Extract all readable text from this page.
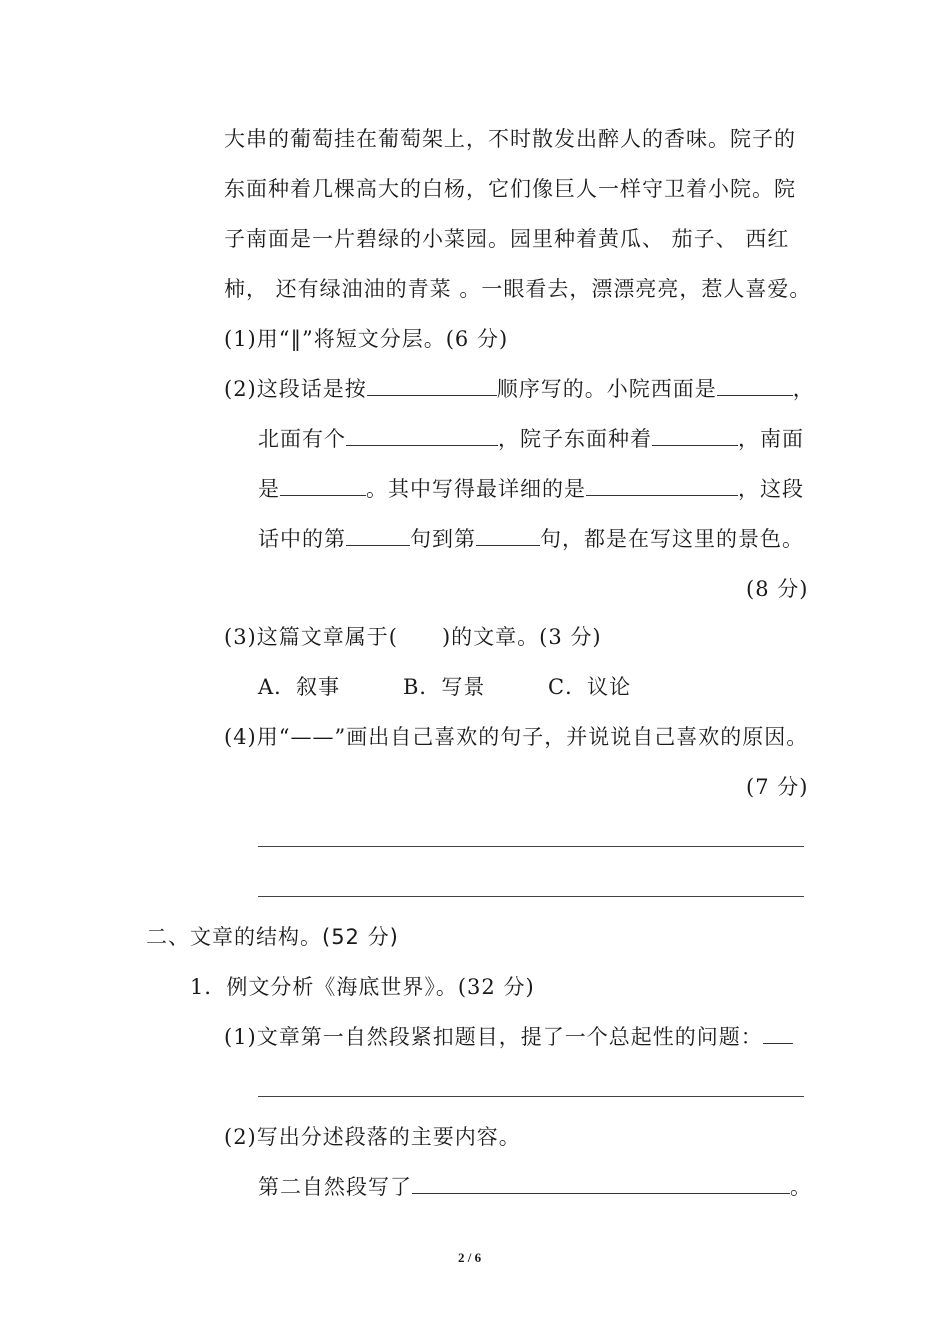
大串的葡萄挂在葡萄架上，不时散发出醉人的香味。院子的
东面种着几棵高大的白杨，它们像巨人一样守卫着小院。院
子南面是一片碧绿的小菜园。园里种着黄瓜、 茄子、 西红
柿， 还有绿油油的青菜 。一眼看去，漂漂亮亮，惹人喜爱。
(1)用“‖”将短文分层。(6 分)
(2)这段话是按	顺序写的。小院西面是	，
北面有个	，院子东面种着	，南面
是	。其中写得最详细的是	，这段
话中的第	句到第	句，都是在写这里的景色。
(8 分)
(3)这篇文章属于(　　)的文章。(3 分)
A．叙事	B．写景	C．议论
(4)用“——”画出自己喜欢的句子，并说说自己喜欢的原因。
(7 分)
二、文章的结构。(52 分)
1．例文分析《海底世界》。(32 分)
(1)文章第一自然段紧扣题目，提了一个总起性的问题：
(2)写出分述段落的主要内容。
第二自然段写了	。
2 / 6
